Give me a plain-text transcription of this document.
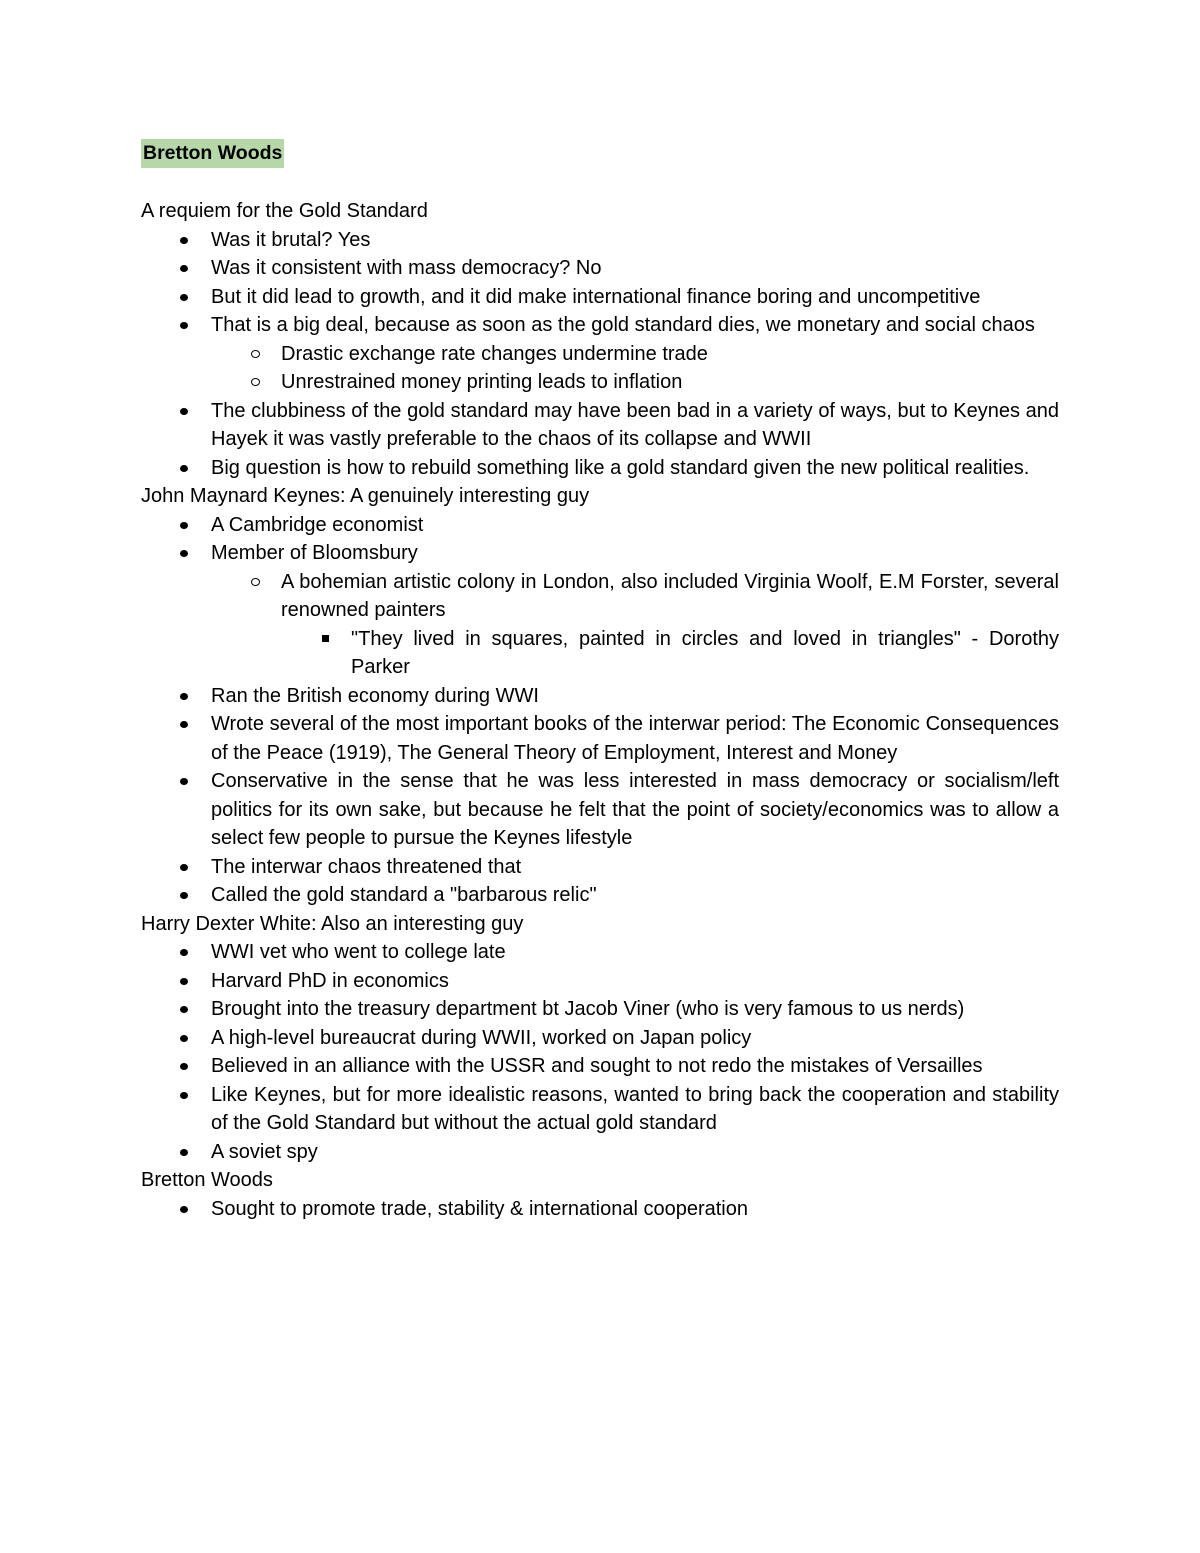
Bretton Woods
A requiem for the Gold Standard
Was it brutal? Yes
Was it consistent with mass democracy? No
But it did lead to growth, and it did make international finance boring and uncompetitive
That is a big deal, because as soon as the gold standard dies, we monetary and social chaos
Drastic exchange rate changes undermine trade
Unrestrained money printing leads to inflation
The clubbiness of the gold standard may have been bad in a variety of ways, but to Keynes and Hayek it was vastly preferable to the chaos of its collapse and WWII
Big question is how to rebuild something like a gold standard given the new political realities.
John Maynard Keynes: A genuinely interesting guy
A Cambridge economist
Member of Bloomsbury
A bohemian artistic colony in London, also included Virginia Woolf, E.M Forster, several renowned painters
"They lived in squares, painted in circles and loved in triangles" - Dorothy Parker
Ran the British economy during WWI
Wrote several of the most important books of the interwar period: The Economic Consequences of the Peace (1919), The General Theory of Employment, Interest and Money
Conservative in the sense that he was less interested in mass democracy or socialism/left politics for its own sake, but because he felt that the point of society/economics was to allow a select few people to pursue the Keynes lifestyle
The interwar chaos threatened that
Called the gold standard a "barbarous relic"
Harry Dexter White: Also an interesting guy
WWI vet who went to college late
Harvard PhD in economics
Brought into the treasury department bt Jacob Viner (who is very famous to us nerds)
A high-level bureaucrat during WWII, worked on Japan policy
Believed in an alliance with the USSR and sought to not redo the mistakes of Versailles
Like Keynes, but for more idealistic reasons, wanted to bring back the cooperation and stability of the Gold Standard but without the actual gold standard
A soviet spy
Bretton Woods
Sought to promote trade, stability & international cooperation
